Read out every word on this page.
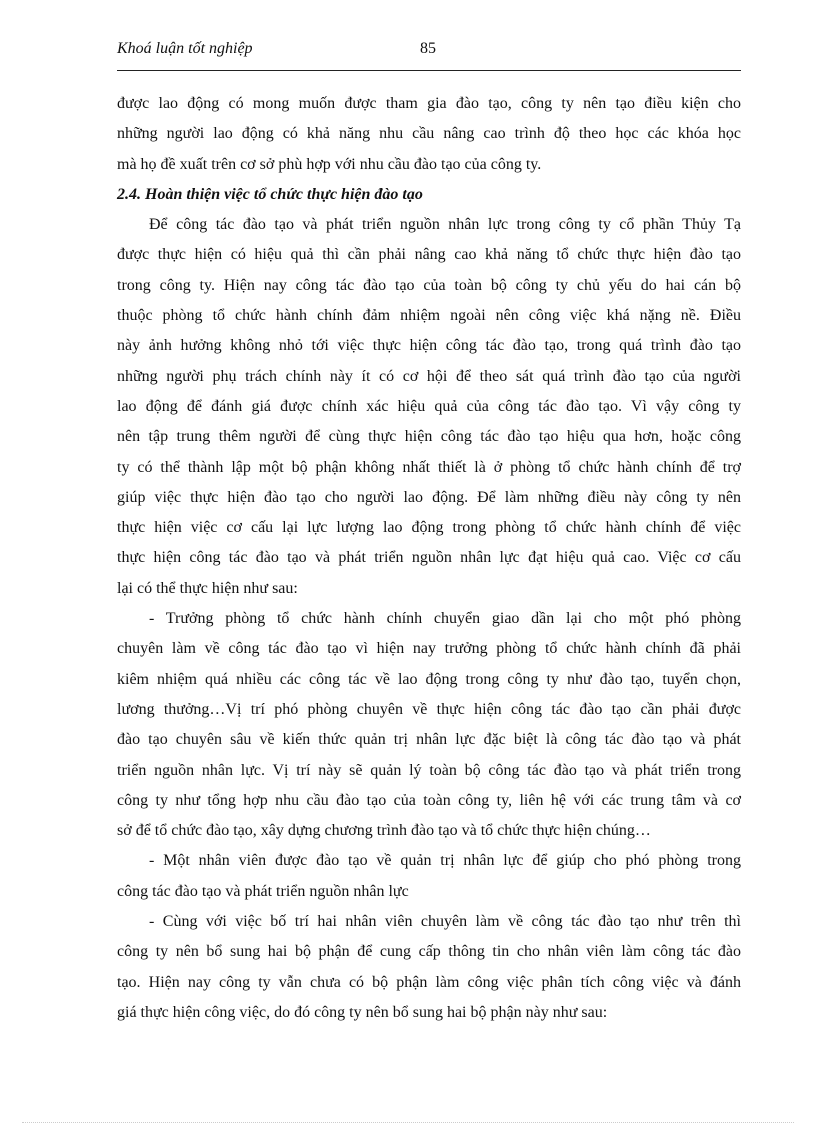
Khoá luận tốt nghiệp	85

được lao động có mong muốn được tham gia đào tạo, công ty nên tạo điều kiện cho
những người lao động có khả năng nhu cầu nâng cao trình độ theo học các khóa học
mà họ đề xuất trên cơ sở phù hợp với nhu cầu đào tạo của công ty.

2.4. Hoàn thiện việc tổ chức thực hiện đào tạo

Để công tác đào tạo và phát triển nguồn nhân lực trong công ty cổ phần Thủy Tạ
được thực hiện có hiệu quả thì cần phải nâng cao khả năng tổ chức thực hiện đào tạo
trong công ty. Hiện nay công tác đào tạo của toàn bộ công ty chủ yếu do hai cán bộ
thuộc phòng tổ chức hành chính đảm nhiệm ngoài nên công việc khá nặng nề. Điều
này ảnh hưởng không nhỏ tới việc thực hiện công tác đào tạo, trong quá trình đào tạo
những người phụ trách chính này ít có cơ hội để theo sát quá trình đào tạo của người
lao động để đánh giá được chính xác hiệu quả của công tác đào tạo. Vì vậy công ty
nên tập trung thêm người để cùng thực hiện công tác đào tạo hiệu qua hơn, hoặc công
ty có thể thành lập một bộ phận không nhất thiết là ở phòng tổ chức hành chính để trợ
giúp việc thực hiện đào tạo cho người lao động. Để làm những điều này công ty nên
thực hiện việc cơ cấu lại lực lượng lao động trong phòng tổ chức hành chính để việc
thực hiện công tác đào tạo và phát triển nguồn nhân lực đạt hiệu quả cao. Việc cơ cấu
lại có thể thực hiện như sau:

- Trưởng phòng tổ chức hành chính chuyển giao dần lại cho một phó phòng
chuyên làm về công tác đào tạo vì hiện nay trưởng phòng tổ chức hành chính đã phải
kiêm nhiệm quá nhiều các công tác về lao động trong công ty như đào tạo, tuyển chọn,
lương thưởng…Vị trí phó phòng chuyên về thực hiện công tác đào tạo cần phải được
đào tạo chuyên sâu về kiến thức quản trị nhân lực đặc biệt là công tác đào tạo và phát
triển nguồn nhân lực. Vị trí này sẽ quản lý toàn bộ công tác đào tạo và phát triển trong
công ty như tổng hợp nhu cầu đào tạo của toàn công ty, liên hệ với các trung tâm và cơ
sở để tổ chức đào tạo, xây dựng chương trình đào tạo và tổ chức thực hiện chúng…

- Một nhân viên được đào tạo về quản trị nhân lực để giúp cho phó phòng trong
công tác đào tạo và phát triển nguồn nhân lực

- Cùng với việc bố trí hai nhân viên chuyên làm về công tác đào tạo như trên thì
công ty nên bổ sung hai bộ phận để cung cấp thông tin cho nhân viên làm công tác đào
tạo. Hiện nay công ty vẫn chưa có bộ phận làm công việc phân tích công việc và đánh
giá thực hiện công việc, do đó công ty nên bổ sung hai bộ phận này như sau:
